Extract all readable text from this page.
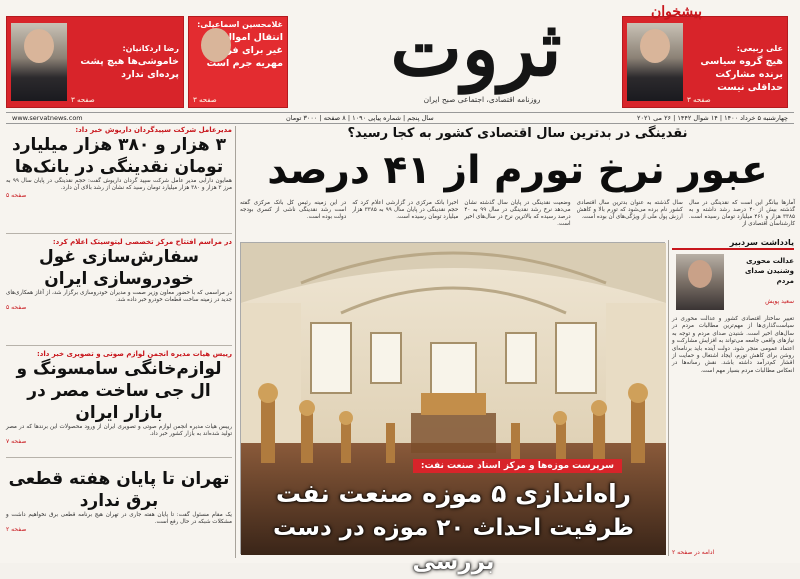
علی ربیعی:
هیچ گروه سیاسی برنده مشارکت حداقلی نیست
صفحه ۳
پیشخوان
ثروت
روزنامه اقتصادی، اجتماعی صبح ایران
غلامحسین اسماعیلی:
انتقال اموال به غیر برای فرار از مهریه جرم است
صفحه ۳
رضا اردکانیان:
خاموشی‌ها هیچ پشت پرده‌ای ندارد
صفحه ۳
چهارشنبه ۵ خرداد ۱۴۰۰ | ۱۴ شوال ۱۴۴۲ | ۲۶ می ۲۰۲۱
سال پنجم | شماره پیاپی ۱۰۹۰ | ۸ صفحه | ۳۰۰۰ تومان
www.servatnews.com
نقدینگی در بدترین سال اقتصادی کشور به کجا رسید؟
عبور نرخ تورم از ۴۱ درصد
آمارها بیانگر این است که نقدینگی در سال گذشته بیش از ۴۰ درصد رشد داشته و به ۳۳۸۵ هزار و ۴۶۱ میلیارد تومان رسیده است. کارشناسان اقتصادی از
سال گذشته به عنوان بدترین سال اقتصادی کشور نام برده می‌شود که تورم بالا و کاهش ارزش پول ملی از ویژگی‌های آن بوده است.
وضعیت نقدینگی در پایان سال گذشته نشان می‌دهد نرخ رشد نقدینگی در سال ۹۹ به ۴۰ درصد رسیده که بالاترین نرخ در سال‌های اخیر است.
اخیرا بانک مرکزی در گزارشی اعلام کرد که حجم نقدینگی در پایان سال ۹۹ به ۳۳۸۵ هزار میلیارد تومان رسیده است.
در این زمینه رئیس کل بانک مرکزی گفته است رشد نقدینگی ناشی از کسری بودجه دولت بوده است.
مدیرعامل شرکت سپیدگردان داریوش خبر داد:
۳ هزار و ۳۸۰ هزار میلیارد تومان نقدینگی در بانک‌ها
همایون دارابی مدیر عامل شرکت سپید گردان داریوش گفت: حجم نقدینگی در پایان سال ۹۹ به مرز ۳ هزار و ۳۸۰ هزار میلیارد تومان رسید که نشان از رشد بالای آن دارد.
صفحه ۵
در مراسم افتتاح مرکز تخصصی لیتوسیتک اعلام کرد:
سفارش‌سازی غول خودروسازی ایران
در مراسمی که با حضور معاون وزیر صمت و مدیران خودروسازی برگزار شد، از آغاز همکاری‌های جدید در زمینه ساخت قطعات خودرو خبر داده شد.
صفحه ۵
رییس هیات مدیره انجمن لوازم صوتی و تصویری خبر داد:
لوازم‌خانگی سامسونگ و ال جی ساخت مصر در بازار ایران
رییس هیات مدیره انجمن لوازم صوتی و تصویری ایران از ورود محصولات این برندها که در مصر تولید شده‌اند به بازار کشور خبر داد.
صفحه ۷
تهران تا پایان هفته قطعی برق ندارد
یک مقام مسئول گفت: تا پایان هفته جاری در تهران هیچ برنامه قطعی برق نخواهیم داشت و مشکلات شبکه در حال رفع است.
صفحه ۲
سرپرست موزه‌ها و مرکز اسناد صنعت نفت:
راه‌اندازی ۵ موزه صنعت نفت
ظرفیت احداث ۲۰ موزه در دست بررسی
یادداشت سردبیر
عدالت محوری وشنیدن صدای مردم
سعید پویش
تغییر ساختار اقتصادی کشور و عدالت محوری در سیاست‌گذاری‌ها از مهم‌ترین مطالبات مردم در سال‌های اخیر است. شنیدن صدای مردم و توجه به نیازهای واقعی جامعه می‌تواند به افزایش مشارکت و اعتماد عمومی منجر شود. دولت آینده باید برنامه‌ای روشن برای کاهش تورم، ایجاد اشتغال و حمایت از اقشار کم‌درآمد داشته باشد. نقش رسانه‌ها در انعکاس مطالبات مردم بسیار مهم است.
ادامه در صفحه ۲
